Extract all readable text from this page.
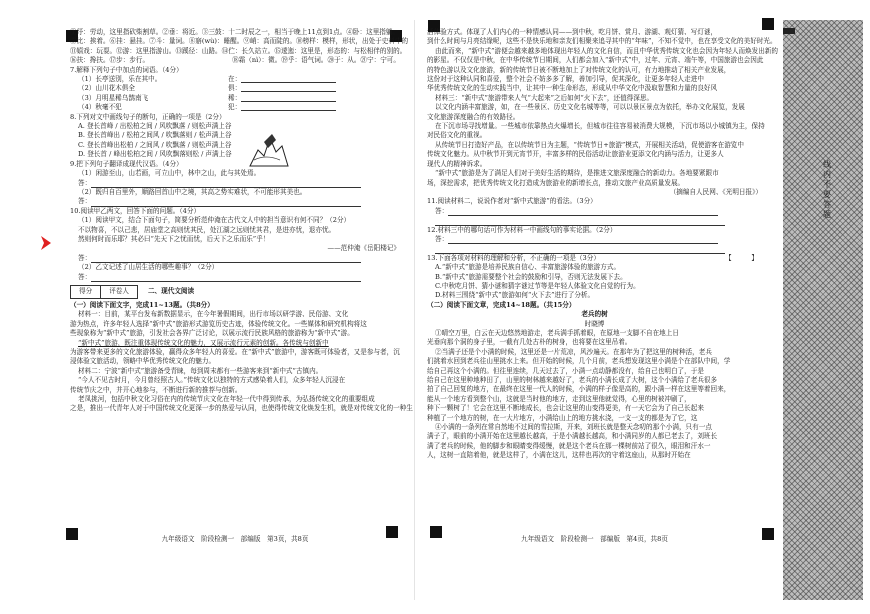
①纾：劳动，这里指砍柴割草。②垂：将近。③三鼓：十二时辰之一，相当于晚上11点到1点。④卧：这里指躺。

⑤比：挨着。⑥挂：悬挂。⑦斗：量词。 ⑧寤(wù)：睡醒。⑨峭：高而陡的。⑩榜样：模样，形状，出处于史料中的
⑪嬉戏：玩耍。⑫游：这里指游山。 ⑬蹊径：山路。⑭伫：长久站立。⑮逶迤：这里是，形态的：与松相伴的别的。
⑯扶：搀扶。⑰步：步行。	⑱霜（nì）：微。⑲乎：语气词。⑳于：从。㉑宁：宁可。

7.解释下列句子中加点的词语。（4分）

（1）长亭送别，乐在其中。	在：
（2）山川花木俱全	俱：
（3）月明星稀乌鹊南飞	稀：
（4）秋毫不犯	犯：

8.下列对文中画线句子的断句，正确的一项是（2分）

A. 登长首峰 / 出松柏之间 / 风吹飘落 / 则松声满上谷

B. 登长首峰出 / 松柏之间风 / 吹飘落则 / 松声满上谷

C. 登长首峰出松柏 / 之间风 / 吹飘落 / 则松声满上谷

D. 登长首 / 峰出松柏之间 / 风吹飘落则松 / 声满上谷

9.把下列句子翻译成现代汉语。（4分）

（1）闲游至山，山若画，可立山中，林中之山，此与其处焉。

答：

（2）既归自百里外，顺路回首山中之境，其高之势实难状，不可能形其美也。

答：

10.阅读甲乙两文，回答下面的问题。（4分）

（1）阅读甲文，结合下面句子，简要分析范仲淹在古代文人中的担当意识有何不同？（2分）

不以物喜，不以己悲，居庙堂之高则忧其民，处江湖之远则忧其君，是进亦忧，退亦忧。

然则何时而乐耶？其必曰“先天下之忧而忧，后天下之乐而乐”乎！

——范仲淹《岳阳楼记》

答：

（2）乙文记述了山居生活的哪些趣事？（2分）

答：

得分	评卷人	二、现代文阅读

（一）阅读下面文字，完成11~13题。（共8分）

材料一：目前，某平台发布新数据显示，在今年暑假期间，出行市场以研学游、民俗游、文化

游为热点，许多年轻人选择“新中式”旅游形式游览历史古迹，体验传统文化。一些媒体和研究机构将这

些现象称为“新中式”旅游，引发社会各界广泛讨论，以展示流行民族风格的旅游称为“新中式”游。

“新中式”旅游，既注重体现传统文化的魅力，又展示流行元素的创新。各传统与创新中

为游客带来更多的文化旅游体验，赢得众多年轻人的喜爱。在“新中式”旅游中，游客既可体验者，又是参与者，沉

浸体验文旅活动，领略中华优秀传统文化的魅力。

材料二：宁波“新中式”旅游备受青睐，每到周末都有一些游客来到“新中式”古镇内。

“今人不见古时月，今月曾经照古人。”传统文化以独特的方式感染着人们，众多年轻人沉浸在

传统节庆之中，并开心地参与，不断进行新的推荐与创新。

老凤挑河，包括中秋文化习俗在内的传统节庆文化在年轻一代中得到传承，为弘扬传统文化的重要组成

之是，推出一代青年人对于中国传统文化更深一步的热爱与认同，也使得传统文化焕发生机，就是对传统文化的一种生

九年级语文　阶段检测一　部编版　第3页，共8页

活体验方式。体现了人们内心的一种情感认同——到中秋，吃月饼、赏月、游湖、观灯猜、写灯谜，

到什么时间与月亮结缘呢，这些不是快乐地和亲友们相聚来追寻其中的“年味”，不知不觉中，也在享受文化的美好时光。

由此而来，“新中式”游便会越来越多地体现出年轻人的文化自信，而且中华优秀传统文化也会因为年轻人而焕发出新的

的影星。不仅仅是中秋，在中华传统节日期间，人们都会加入“新中式”中，过年、元宵、端午等，中国旅游也会因此

的特色游以及文化旅游，新的传统节日被不断地加上了对传统文化的认可，有力地推动了相关产业发展，

这份对于这种认同和喜爱，整个社会不妨多多了解，善加引导，促其深化，让更多年轻人走进中

华优秀传统文化的生动实践当中，让其中一种生命形态，形成从中华文化中汲取智慧和力量的良好风

材料三：“新中式”旅游带来人气“大起来”之后如何“火下去”，还值得深思。

以文化内涵丰富旅游，如，在一些景区、历史文化名城等等，可以以景区景点为依托，举办文化展览，发展

文化旅游深度融合的有效路径。

在下沉市场寻找增量。一些城市依靠热点火爆增长，但城市往往容易被消费大规模，下沉市场以小城镇为主，保持

对民俗文化的重视。

从传统节日打造好产品，在以传统节日为主题，“传统节日+旅游”模式，开展相关活动，促使游客在游览中

传统文化魅力。从中秋节开到元宵节开，丰富多样的民俗活动让旅游业更添文化内涵与活力，让更多人

现代人的精神诉求。

“新中式”旅游是为了满足人们对于美好生活的期待，是推进文旅深度融合的新动力。各地要紧跟市

场，深挖需求，把优秀传统文化打造成为旅游业的新增长点，推动文旅产业高质量发展。

（摘编自人民网、《光明日报》）

11.阅读材料二，说说作者对“新中式旅游”的看法。（3分）

答：

12.材料三中的哪句话可作为材料一中画线句的事实论据。（2分）

答：

13.下面各项对材料的理解和分析，不正确的一项是（3分）	【　　　】

A.“新中式”旅游是培养民族自信心、丰富旅游体验的旅游方式。

B.“新中式”旅游需要整个社会的鼓励和引导，否则无法发展下去。

C.中秋吃月饼、猜小谜和猜字谜过节等是年轻人体验文化自觉的行为。

D.材料三围绕“新中式”旅游如何“火下去”进行了分析。

（二）阅读下面文章，完成14~18题。（共15分）

老兵的树

时晓博

①晴空万里，白云在天边悠然地游走，老兵满手抓着眼，在原地一支脚不自在地上日

光垂向那个洞的身子里，一截有几处古朴的树身，也将要在这里吊着。

②当满子还是个小满的时候，这里还是一片荒凉，风沙遍天。在那年为了把这里的树种活，老兵

们挑着水回到老兵往山里挑水上来。但开始的时候，几个月前，老兵想发现这里小满是个在部队中间，学

给自己再这个小满的。但往里连续，几天过去了，小满一点动静都没有，给自己也明白了，于是

给自己在这里种地种田了，山里的树林越来越好了，老兵的小满长成了大树，这个小满给了老兵很多

拍了自己回复的地方，在最终在这里一代人的时候，小满的样子像是高的，跟小满一样在这里等着回来，

能从一个地方看到整个山，这就是当时他的地方，走到这里他就觉得，心里的树被冲刷了，

种下一颗树了！它会在这里不断地成长，也会让这里的山变得更美，有一天它会为了自己长起来

种植了一个地方的树，在一大片地方，小满给山上的地方挑水浇，一支一支的都是为了它，这

④小满的一条列在常自然地不过间的雪拉斯，开来，刘班长就是整天念叨的那个小满，只有一点

满子了，眼前的小满开始在这里越长越高，于是小满越长越高，和小满同岁的人都已老去了，刘班长

满了老兵的时候，他的脚步和眼睛变得缓慢，就是这个老兵在那一棵树前站了很久，眼泪和汗水一

人，这树一直陪着他，就是这样了，小满在这儿，这样也再次的守着这座山，从那时开始在

九年级语文　阶段检测一　部编版　第4页，共8页
线内不要答题
